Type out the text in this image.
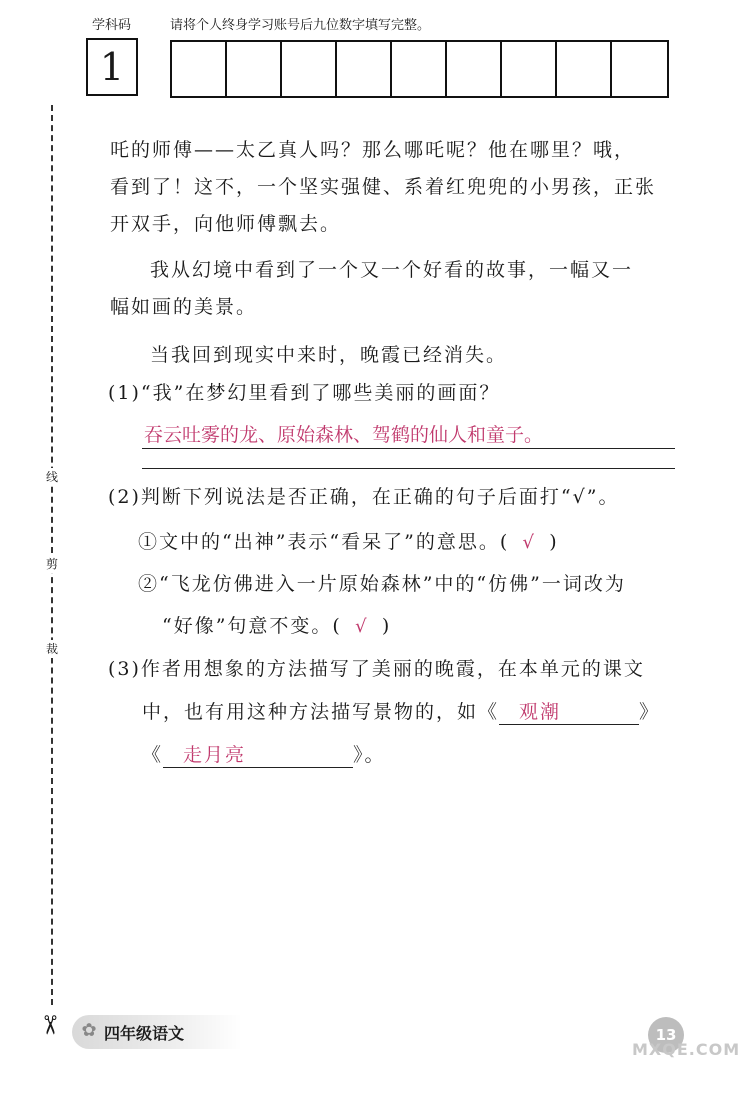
学科码	请将个人终身学习账号后九位数字填写完整。
1
线
剪
裁
✂
吒的师傅——太乙真人吗？那么哪吒呢？他在哪里？哦，
看到了！这不，一个坚实强健、系着红兜兜的小男孩，正张
开双手，向他师傅飘去。
我从幻境中看到了一个又一个好看的故事，一幅又一
幅如画的美景。
当我回到现实中来时，晚霞已经消失。
(1)“我”在梦幻里看到了哪些美丽的画面？
吞云吐雾的龙、原始森林、驾鹤的仙人和童子。
(2)判断下列说法是否正确，在正确的句子后面打“√”。
①文中的“出神”表示“看呆了”的意思。( √ )
②“飞龙仿佛进入一片原始森林”中的“仿佛”一词改为
“好像”句意不变。( √ )
(3)作者用想象的方法描写了美丽的晚霞，在本单元的课文
中，也有用这种方法描写景物的，如《 观潮	》
《 走月亮	》。
✿ 四年级语文	13
MXQE.COM
